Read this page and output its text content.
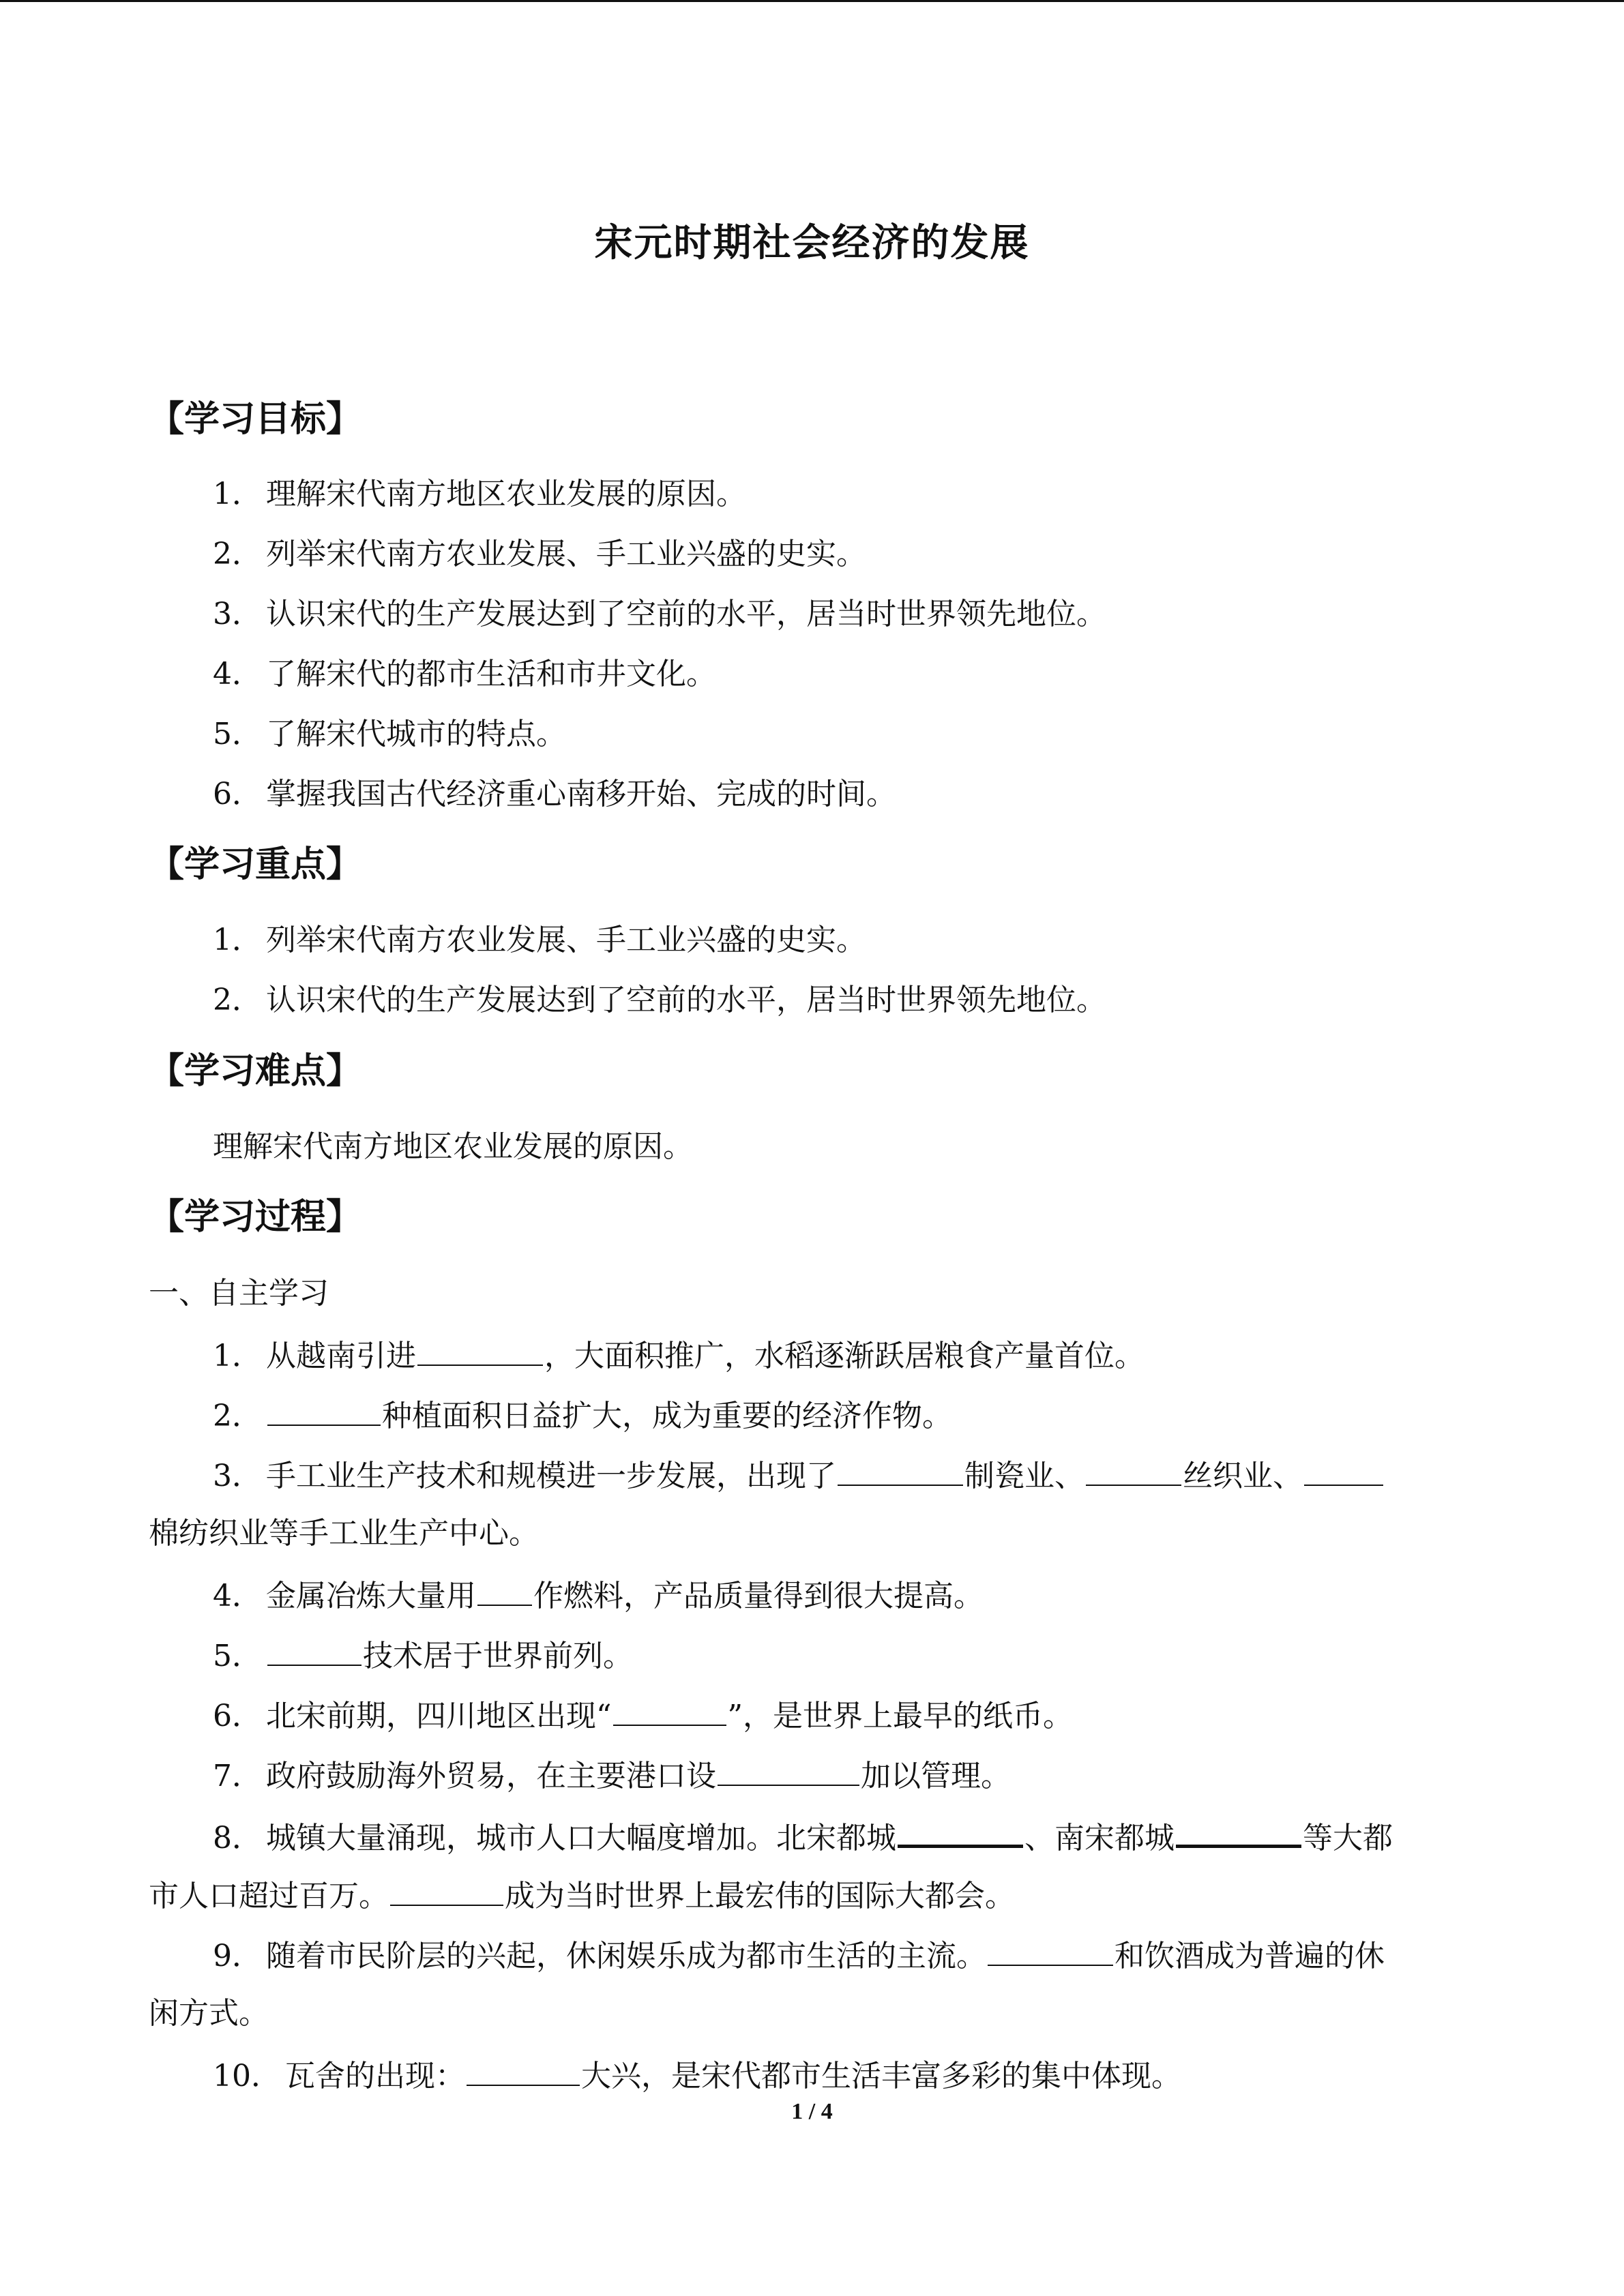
宋元时期社会经济的发展
【学习目标】
1． 理解宋代南方地区农业发展的原因。
2． 列举宋代南方农业发展、手工业兴盛的史实。
3． 认识宋代的生产发展达到了空前的水平，居当时世界领先地位。
4． 了解宋代的都市生活和市井文化。
5． 了解宋代城市的特点。
6． 掌握我国古代经济重心南移开始、完成的时间。
【学习重点】
1． 列举宋代南方农业发展、手工业兴盛的史实。
2． 认识宋代的生产发展达到了空前的水平，居当时世界领先地位。
【学习难点】
理解宋代南方地区农业发展的原因。
【学习过程】
一、自主学习
1． 从越南引进	，大面积推广，水稻逐渐跃居粮食产量首位。
2．	种植面积日益扩大，成为重要的经济作物。
3． 手工业生产技术和规模进一步发展，出现了	制瓷业、	丝织业、
棉纺织业等手工业生产中心。
4． 金属冶炼大量用 作燃料，产品质量得到很大提高。
5．	技术居于世界前列。
6． 北宋前期，四川地区出现“	”，是世界上最早的纸币。
7． 政府鼓励海外贸易，在主要港口设	加以管理。
8． 城镇大量涌现，城市人口大幅度增加。北宋都城	、南宋都城	等大都
市人口超过百万。	成为当时世界上最宏伟的国际大都会。
9． 随着市民阶层的兴起，休闲娱乐成为都市生活的主流。	和饮酒成为普遍的休
闲方式。
10． 瓦舍的出现：	大兴，是宋代都市生活丰富多彩的集中体现。
1 / 4
